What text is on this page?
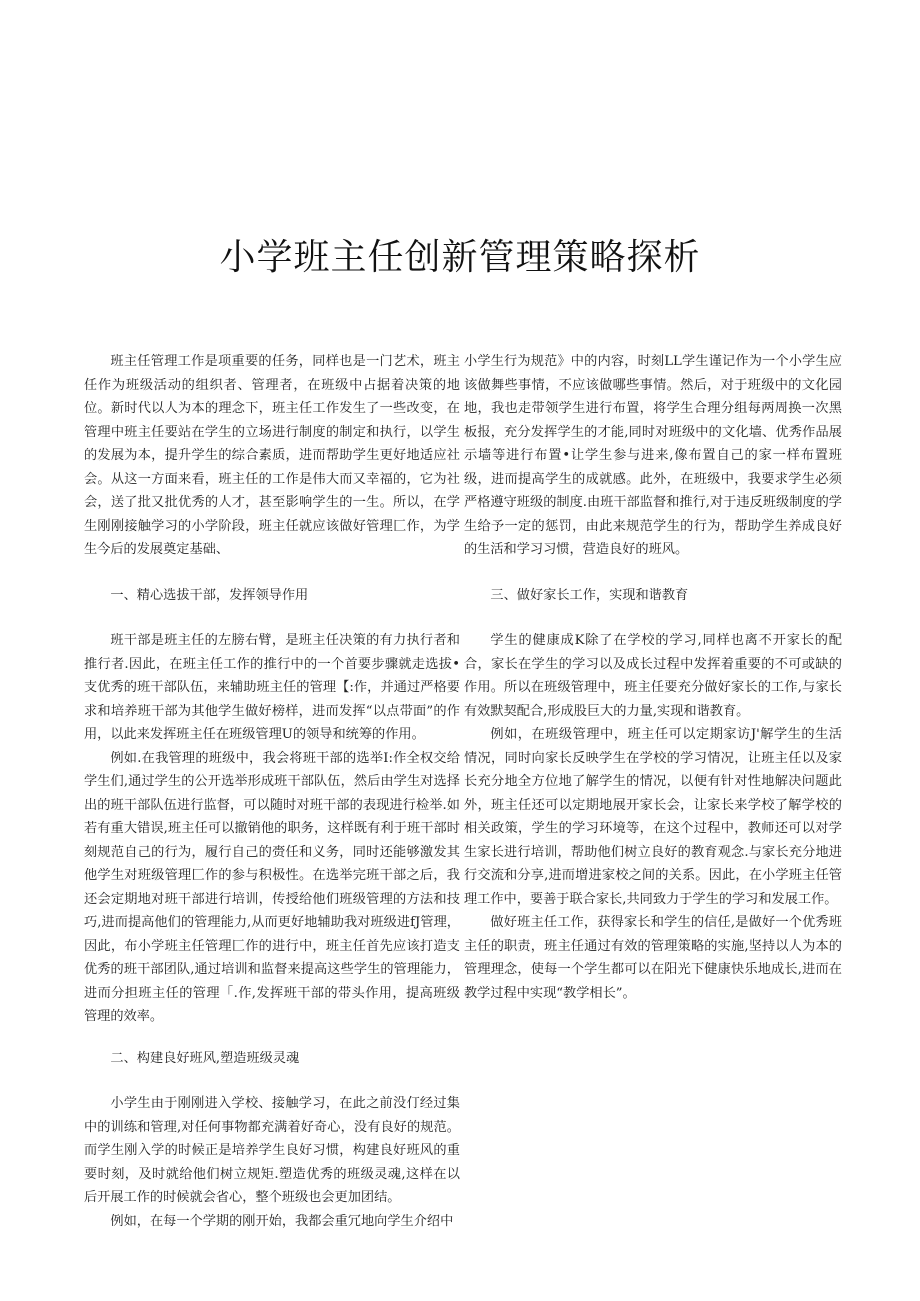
小学班主任创新管理策略探析

班主任管理工作是项重要的任务，同样也是一门艺术，班主任作为班级活动的组织者、管理者，在班级中占据着决策的地位。新时代以人为本的理念下，班主任工作发生了一些改变，在管理中班主任要站在学生的立场进行制度的制定和执行，以学生的发展为本，提升学生的综合素质，进而帮助学生更好地适应社会。从这一方面来看，班主任的工作是伟大而又幸福的，它为社会，送了批又批优秀的人才，甚至影响学生的一生。所以，在学生刚刚接触学习的小学阶段，班主任就应该做好管理匚作，为学生今后的发展奠定基础、

一、精心选拔干部，发挥领导作用

班干部是班主任的左膀右臂，是班主任决策的有力执行者和推行者.因此，在班主任工作的推行中的一个首要步骤就走选拔•支优秀的班干部队伍，来辅助班主任的管理【:作，并通过严格要求和培养班干部为其他学生做好榜样，进而发挥“以点带面”的作用，以此来发挥班主任在班级管理U的领导和统筹的作用。

例如.在我管理的班级中，我会将班干部的选举I:作全权交给学生们,通过学生的公开选举形成班干部队伍，然后由学生对选择出的班干部队伍进行监督，可以随时对班干部的表现进行检举.如若有重大错误,班主任可以撤销他的职务，这样既有利于班干部时刻规范自己的行为，履行自己的赍任和义务，同时还能够激发其他学生对班级管理匚作的参与积极性。在选举完班干部之后，我还会定期地对班干部进行培训，传授给他们班级管理的方法和技巧,进而提高他们的管理能力,从而更好地辅助我对班级进fJ管理，因此，布小学班主任管理匚作的进行中，班主任首先应该打造支优秀的班干部团队,通过培训和监督来提高这些学生的管理能力，进而分担班主任的管理「.作,发挥班干部的带头作用，提高班级管理的效率。

二、构建良好班风,塑造班级灵魂

小学生由于刚刚进入学校、接触学习，在此之前没仃经过集中的训练和管理,对任何事物都充满着好奇心，没有良好的规范。而学生刚入学的时候正是培养学生良好习惯，构建良好班风的重要时刻，及时就给他们树立规矩.塑造优秀的班级灵魂,这样在以后开展工作的时候就会省心，整个班级也会更加团结。

例如，在每一个学期的刚开始，我都会重冗地向学生介绍中

小学生行为规范》中的内容，时刻LL学生谨记作为一个小学生应该做舞些事情，不应该做哪些事情。然后，对于班级中的文化园地，我也走带领学生进行布置，将学生合理分组每两周换一次黑板报，充分发挥学生的才能,同时对班级中的文化墙、优秀作品展示墙等进行布置•让学生参与进来,像布置自己的家一样布置班级，进而提高学生的成就感。此外，在班级中，我要求学生必须严格遵守班级的制度.由班干部监督和推行,对于违反班级制度的学生给予一定的惩罚，由此来规范学生的行为，帮助学生养成良好的生活和学习习惯，营造良好的班风。

三、做好家长工作，实现和谐教育

学生的健康成K除了在学校的学习,同样也离不开家长的配合，家长在学生的学习以及成长过程中发挥着重要的不可或缺的作用。所以在班级管理中，班主任要充分做好家长的工作,与家长有效默契配合,形成股巨大的力量,实现和谐教育。

例如，在班级管理中，班主任可以定期家访J'解学生的生活情况，同时向家长反映学生在学校的学习情况，让班主任以及家长充分地全方位地了解学生的情况，以便有针对性地解决问题此外，班主任还可以定期地展开家长会，让家长来学校了解学校的相关政策，学生的学习环境等，在这个过程中，教师还可以对学生家长进行培训，帮助他们树立良好的教育观念.与家长充分地进行交流和分享,进而增进家校之间的关系。因此，在小学班主任管理工作中，要善于联合家长,共同致力于学生的学习和发展工作。

做好班主任工作，获得家长和学生的信任,是做好一个优秀班主任的职责，班主任通过有效的管理策略的实施,坚持以人为本的管理理念，使每一个学生都可以在阳光下健康快乐地成长,进而在教学过程中实现“教学相长”。
